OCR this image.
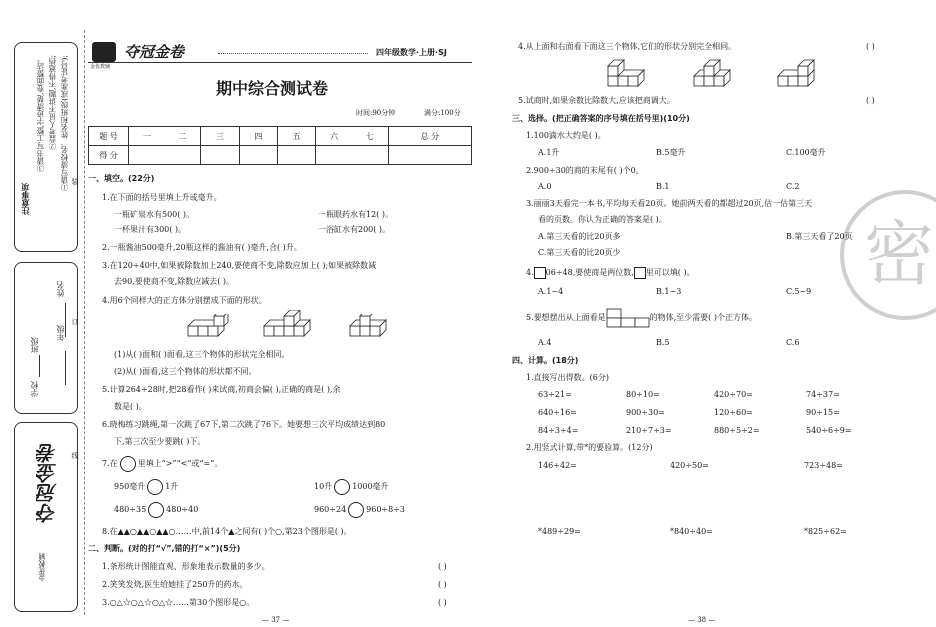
①请写清校名、姓名和班级(或准考证号);
②监考人员不讲题,不得遮挡;
③请书写工整,字迹清楚,卷面整洁。
注意事项
年级
姓名
学校
班级
夺冠金卷
金优教辅
装
订
线
金优教辅
夺冠金卷	四年级数学·上册·SJ
期中综合测试卷
时间:90分钟	满分:100分
题 号	一	二	三	四	五	六	七	总 分
得 分								
一、填空。(22分)
1.在下面的括号里填上升或毫升。
一瓶矿泉水有500( )。	一瓶眼药水有12( )。
一杯果汁有300( )。	一浴缸水有200( )。
2.一瓶酱油500毫升,20瓶这样的酱油有( )毫升,合( )升。
3.在120÷40中,如果被除数加上240,要使商不变,除数应加上( );如果被除数减
去90,要使商不变,除数应减去( )。
4.用6个同样大的正方体分别摆成下面的形状。
(1)从( )面和( )面看,这三个物体的形状完全相同。
(2)从( )面看,这三个物体的形状都不同。
5.计算264÷28时,把28看作( )来试商,初商会偏( ),正确的商是( ),余
数是( )。
6.晓梅练习跳绳,第一次跳了67下,第二次跳了76下。她要想三次平均成绩达到80
下,第三次至少要跳( )下。
7.在	里填上“>”“<”或“=”。
950毫升	1升	10升	1000毫升
480÷35	480÷40	960÷24	960÷8÷3
8.在▲▲○▲▲○▲▲○……中,前14个▲之间有( )个○,第23个图形是( )。
二、判断。(对的打“√”,错的打“×”)(5分)
1.条形统计图能直观、形象地表示数量的多少。	( )
2.笑笑发烧,医生给她挂了250升的药水。	( )
3.○△☆○△☆○△☆……第30个图形是○。	( )
— 37 —
密
4.从上面和右面看下面这三个物体,它们的形状分别完全相同。	( )
5.试商时,如果余数比除数大,应该把商调大。	( )
三、选择。(把正确答案的序号填在括号里)(10分)
1.100滴水大约是( )。
A.1升	B.5毫升	C.100毫升
2.900÷30的商的末尾有( )个0。
A.0	B.1	C.2
3.丽丽3天看完一本书,平均每天看20页。她前两天看的都超过20页,估一估第三天
看的页数。你认为正确的答案是( )。
A.第三天看的比20页多	B.第三天看了20页
C.第三天看的比20页少
4. 06÷48,要使商是两位数, 里可以填( )。
A.1~4	B.1~3	C.5~9
5.要想摆出从上面看是	的物体,至少需要( )个正方体。
A.4	B.5	C.6
四、计算。(18分)
1.直接写出得数。(6分)
63÷21=	80÷10=	420÷70=	74÷37=
640÷16=	900÷30=	120÷60=	90÷15=
84÷3÷4=	210÷7÷3=	880÷5÷2=	540÷6÷9=
2.用竖式计算,带*的要验算。(12分)
146÷42=	420÷50=	723÷48=
*489÷29=	*840÷40=	*825÷62=
— 38 —
